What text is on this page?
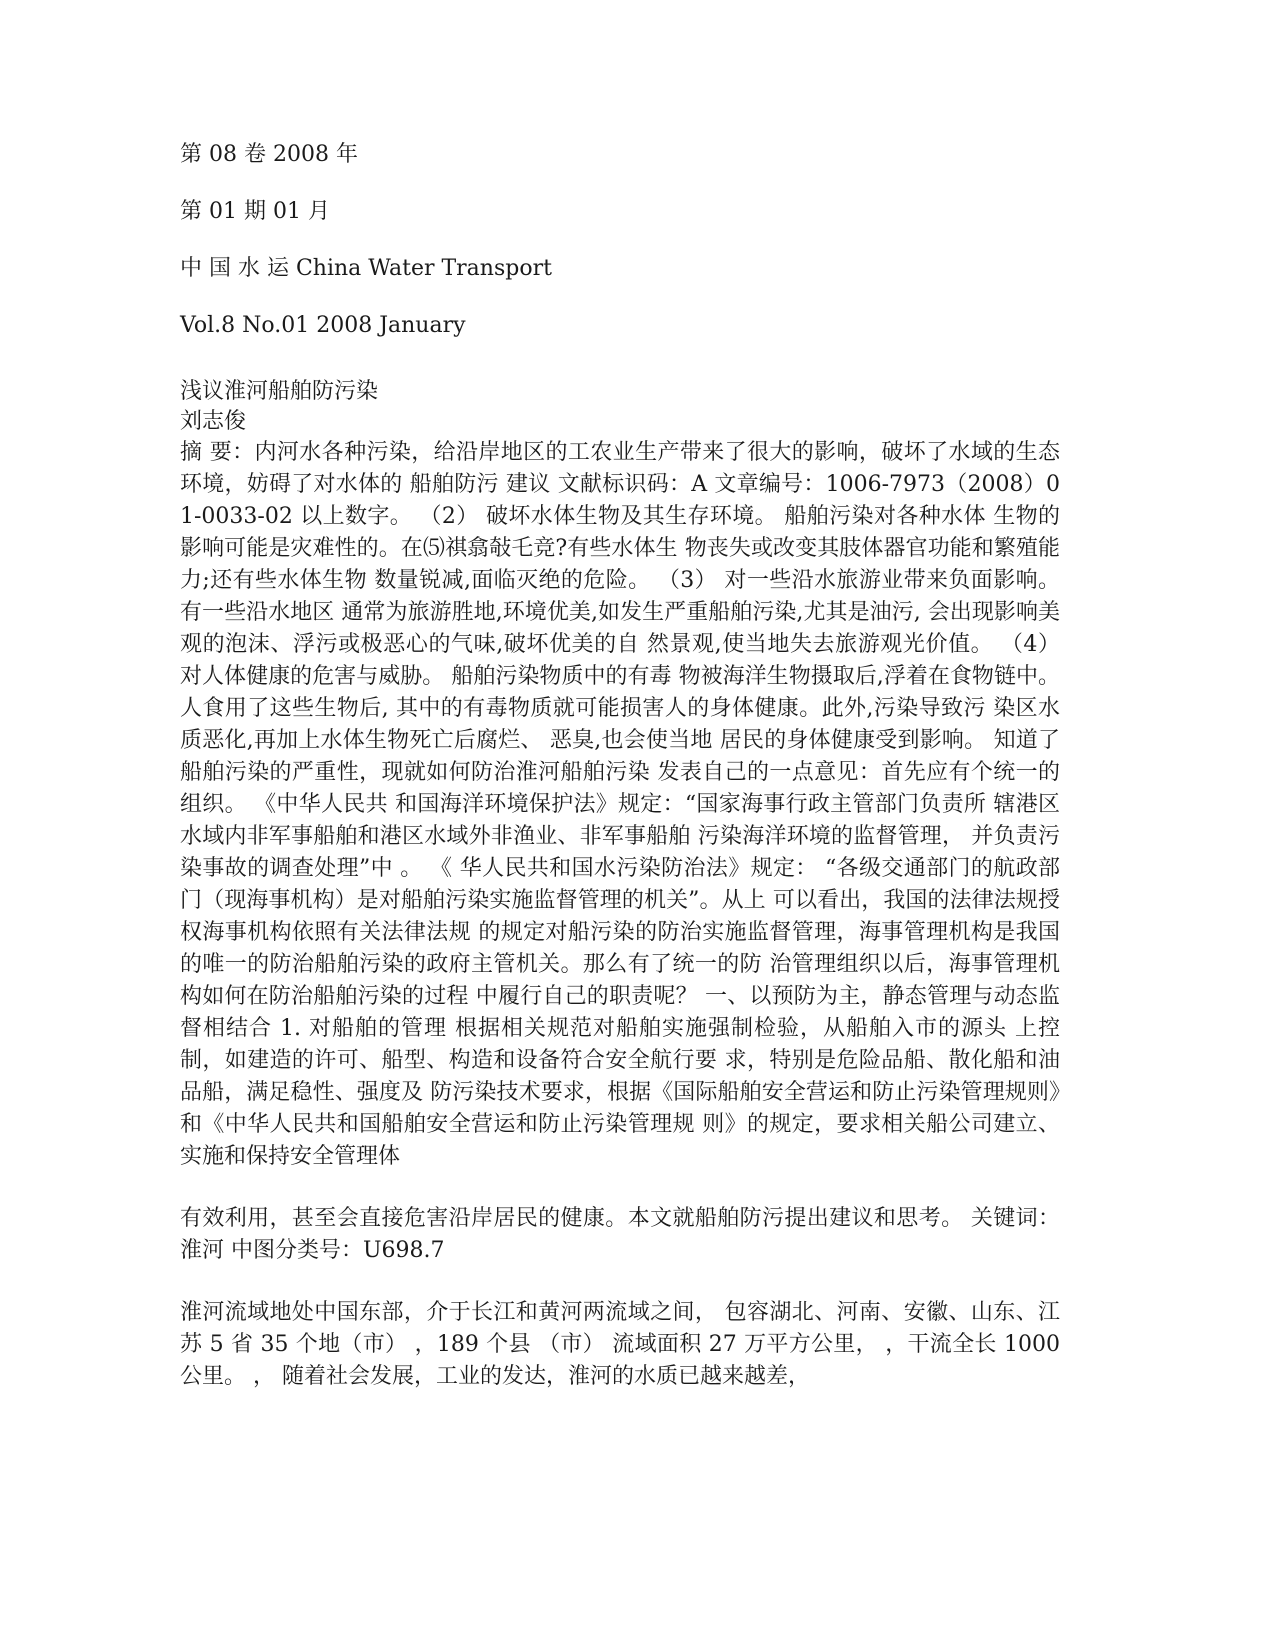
第 08 卷 2008 年
第 01 期 01 月
中 国 水 运 China Water Transport
Vol.8 No.01 2008 January
浅议淮河船舶防污染
刘志俊

摘 要：内河水各种污染，给沿岸地区的工农业生产带来了很大的影响，破坏了水域的生态环境，妨碍了对水体的 船舶防污 建议 文献标识码：A 文章编号：1006-7973（2008）01-0033-02 以上数字。 （2） 破坏水体生物及其生存环境。 船舶污染对各种水体 生物的影响可能是灾难性的。在⑸祺翕敧乇竞?有些水体生 物丧失或改变其肢体器官功能和繁殖能力;还有些水体生物 数量锐减,面临灭绝的危险。 （3） 对一些沿水旅游业带来负面影响。 有一些沿水地区 通常为旅游胜地,环境优美,如发生严重船舶污染,尤其是油污, 会出现影响美观的泡沫、浮污或极恶心的气味,破坏优美的自 然景观,使当地失去旅游观光价值。 （4） 对人体健康的危害与威胁。 船舶污染物质中的有毒 物被海洋生物摄取后,浮着在食物链中。 人食用了这些生物后, 其中的有毒物质就可能损害人的身体健康。此外,污染导致污 染区水质恶化,再加上水体生物死亡后腐烂、 恶臭,也会使当地 居民的身体健康受到影响。 知道了船舶污染的严重性，现就如何防治淮河船舶污染 发表自己的一点意见：首先应有个统一的组织。 《中华人民共 和国海洋环境保护法》规定：“国家海事行政主管部门负责所 辖港区水域内非军事船舶和港区水域外非渔业、非军事船舶 污染海洋环境的监督管理， 并负责污染事故的调查处理”中 。 《 华人民共和国水污染防治法》规定： “各级交通部门的航政部 门（现海事机构）是对船舶污染实施监督管理的机关”。从上 可以看出，我国的法律法规授权海事机构依照有关法律法规 的规定对船污染的防治实施监督管理，海事管理机构是我国 的唯一的防治船舶污染的政府主管机关。那么有了统一的防 治管理组织以后，海事管理机构如何在防治船舶污染的过程 中履行自己的职责呢？ 一、以预防为主，静态管理与动态监督相结合 1. 对船舶的管理 根据相关规范对船舶实施强制检验，从船舶入市的源头 上控制，如建造的许可、船型、构造和设备符合安全航行要 求，特别是危险品船、散化船和油品船，满足稳性、强度及 防污染技术要求，根据《国际船舶安全营运和防止污染管理规则》和《中华人民共和国船舶安全营运和防止污染管理规 则》的规定，要求相关船公司建立、实施和保持安全管理体

有效利用，甚至会直接危害沿岸居民的健康。本文就船舶防污提出建议和思考。 关键词：淮河 中图分类号：U698.7

淮河流域地处中国东部，介于长江和黄河两流域之间， 包容湖北、河南、安徽、山东、江苏 5 省 35 个地（市） ，189 个县 （市） 流域面积 27 万平方公里， ，干流全长 1000 公里。 ， 随着社会发展，工业的发达，淮河的水质已越来越差，
